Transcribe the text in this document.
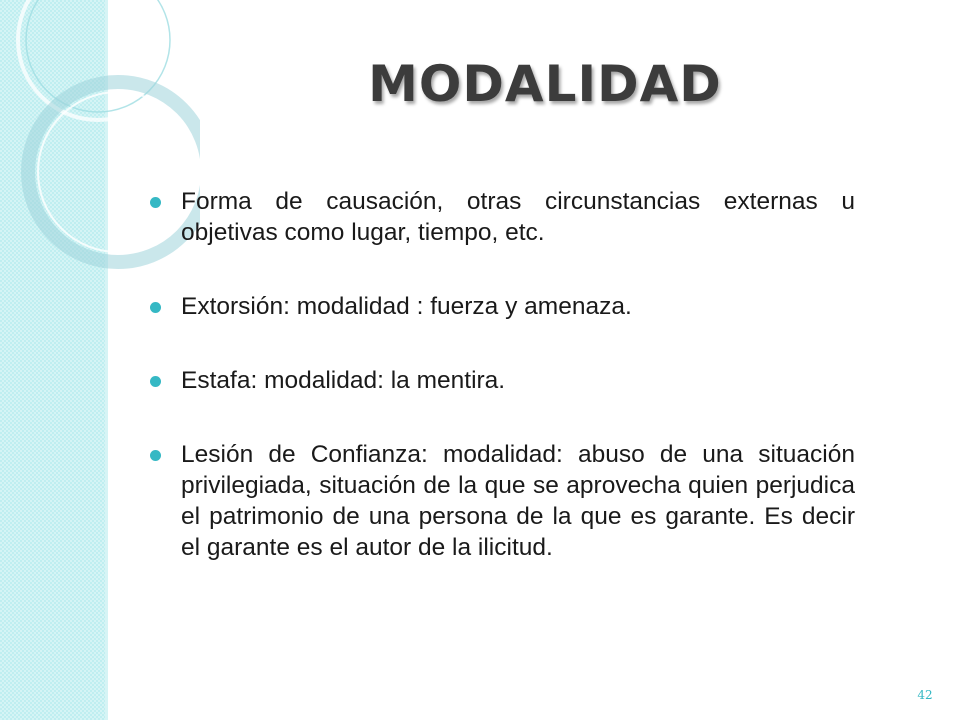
MODALIDAD
Forma de causación, otras circunstancias externas u objetivas como lugar, tiempo, etc.
Extorsión: modalidad : fuerza y amenaza.
Estafa: modalidad: la mentira.
Lesión de Confianza: modalidad: abuso de una situación privilegiada, situación de la que se aprovecha quien perjudica el patrimonio de una persona de la que es garante. Es decir el garante es el autor de la ilicitud.
42
